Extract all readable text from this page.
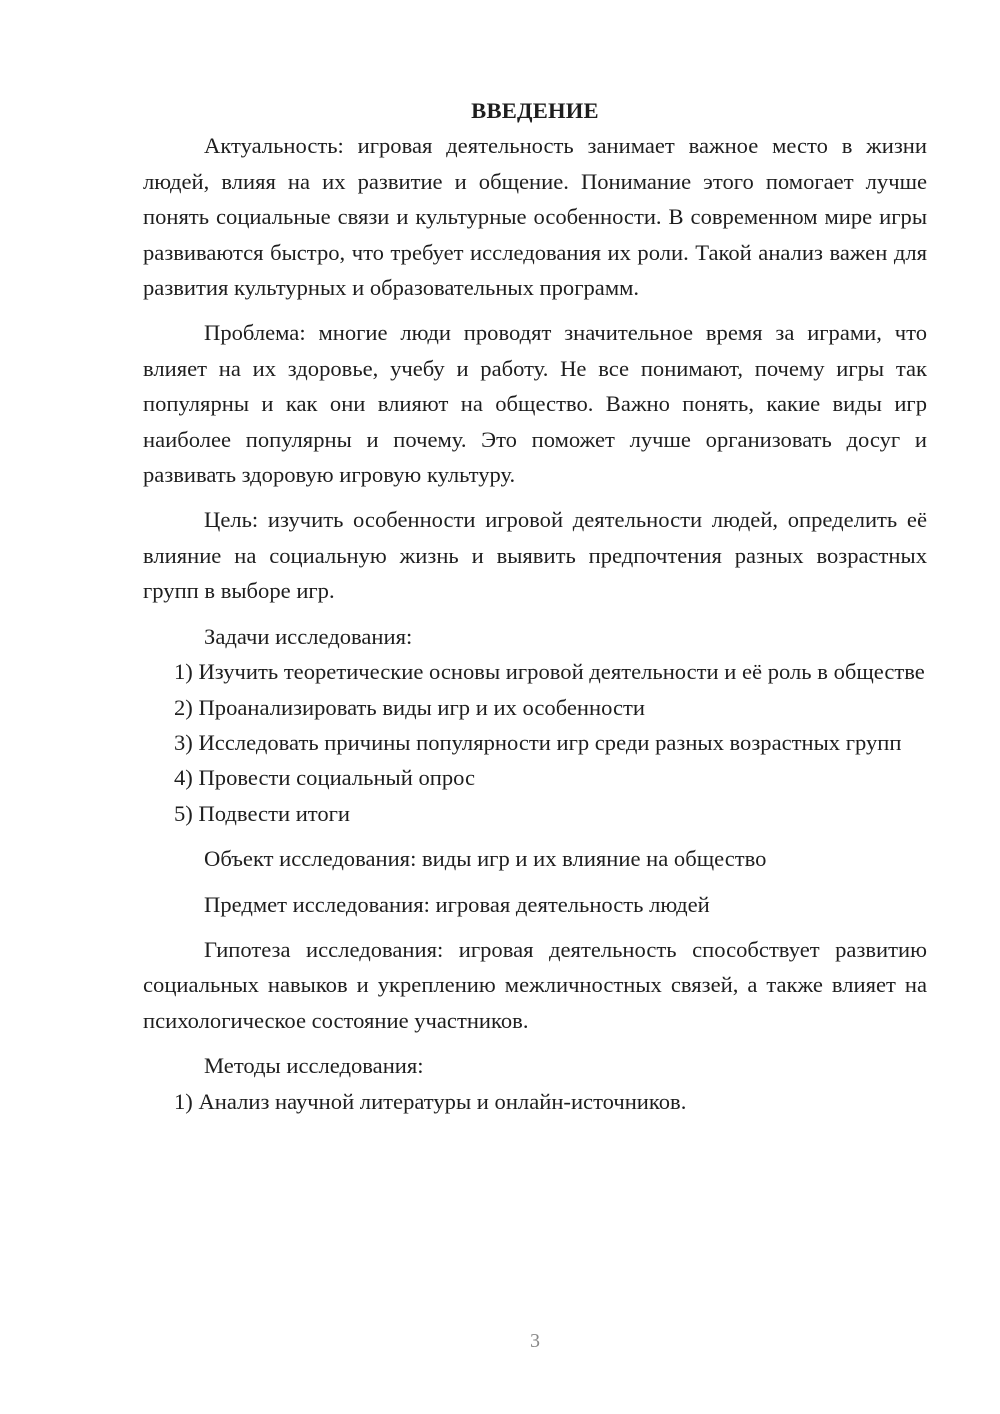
ВВЕДЕНИЕ

Актуальность: игровая деятельность занимает важное место в жизни людей, влияя на их развитие и общение. Понимание этого помогает лучше понять социальные связи и культурные особенности. В современном мире игры развиваются быстро, что требует исследования их роли. Такой анализ важен для развития культурных и образовательных программ.

Проблема: многие люди проводят значительное время за играми, что влияет на их здоровье, учебу и работу. Не все понимают, почему игры так популярны и как они влияют на общество. Важно понять, какие виды игр наиболее популярны и почему. Это поможет лучше организовать досуг и развивать здоровую игровую культуру.

Цель: изучить особенности игровой деятельности людей, определить её влияние на социальную жизнь и выявить предпочтения разных возрастных групп в выборе игр.

Задачи исследования:

1) Изучить теоретические основы игровой деятельности и её роль в обществе

2) Проанализировать виды игр и их особенности

3) Исследовать причины популярности игр среди разных возрастных групп

4) Провести социальный опрос

5) Подвести итоги

Объект исследования: виды игр и их влияние на общество

Предмет исследования: игровая деятельность людей

Гипотеза исследования: игровая деятельность способствует развитию социальных навыков и укреплению межличностных связей, а также влияет на психологическое состояние участников.

Методы исследования:

1) Анализ научной литературы и онлайн-источников.

3
